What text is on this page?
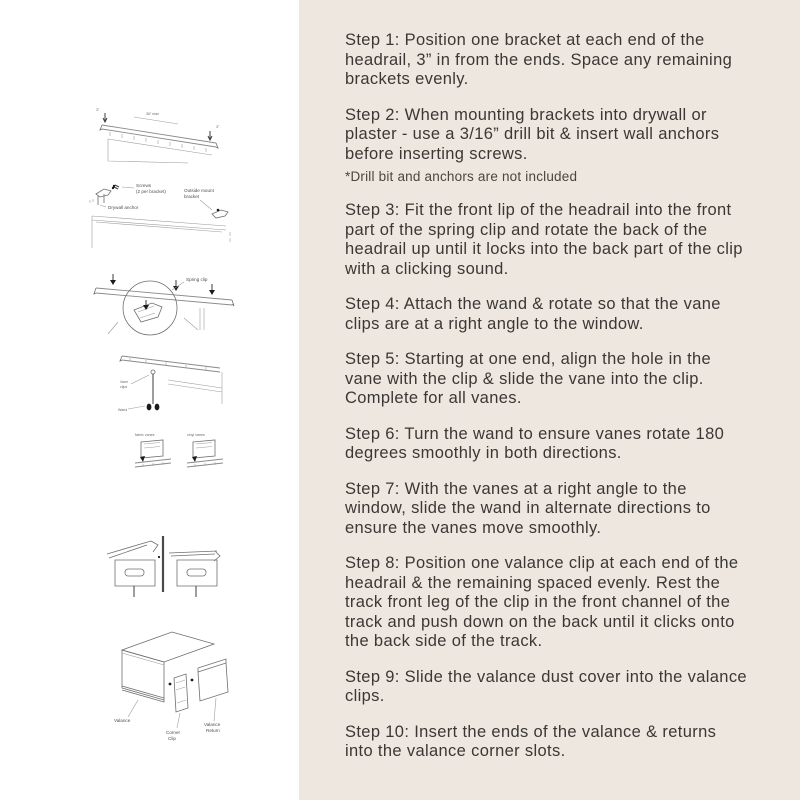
3”
3”
36” max
Screws
(2 per bracket)
Drywall anchor
Outside mount
bracket
Spring clip
Vane
clips
Wand
fabric vanes	vinyl vanes
Valance
Corner
Clip
Valance
Return

Step 1: Position one bracket at each end of the headrail, 3” in from the ends. Space any remaining brackets evenly.

Step 2: When mounting brackets into drywall or plaster - use a 3/16” drill bit & insert wall anchors before inserting screws.

*Drill bit and anchors are not included

Step 3: Fit the front lip of the headrail into the front part of the spring clip and rotate the back of the headrail up until it locks into the back part of the clip with a clicking sound.

Step 4: Attach the wand & rotate so that the vane clips are at a right angle to the window.

Step 5: Starting at one end, align the hole in the vane with the clip & slide the vane into the clip. Complete for all vanes.

Step 6: Turn the wand to ensure vanes rotate 180 degrees smoothly in both directions.

Step 7: With the vanes at a right angle to the window, slide the wand in alternate directions to ensure the vanes move smoothly.

Step 8: Position one valance clip at each end of the headrail & the remaining spaced evenly. Rest the track front leg of the clip in the front channel of the track and push down on the back until it clicks onto the back side of the track.

Step 9: Slide the valance dust cover into the valance clips.

Step 10: Insert the ends of the valance & returns into the valance corner slots.
